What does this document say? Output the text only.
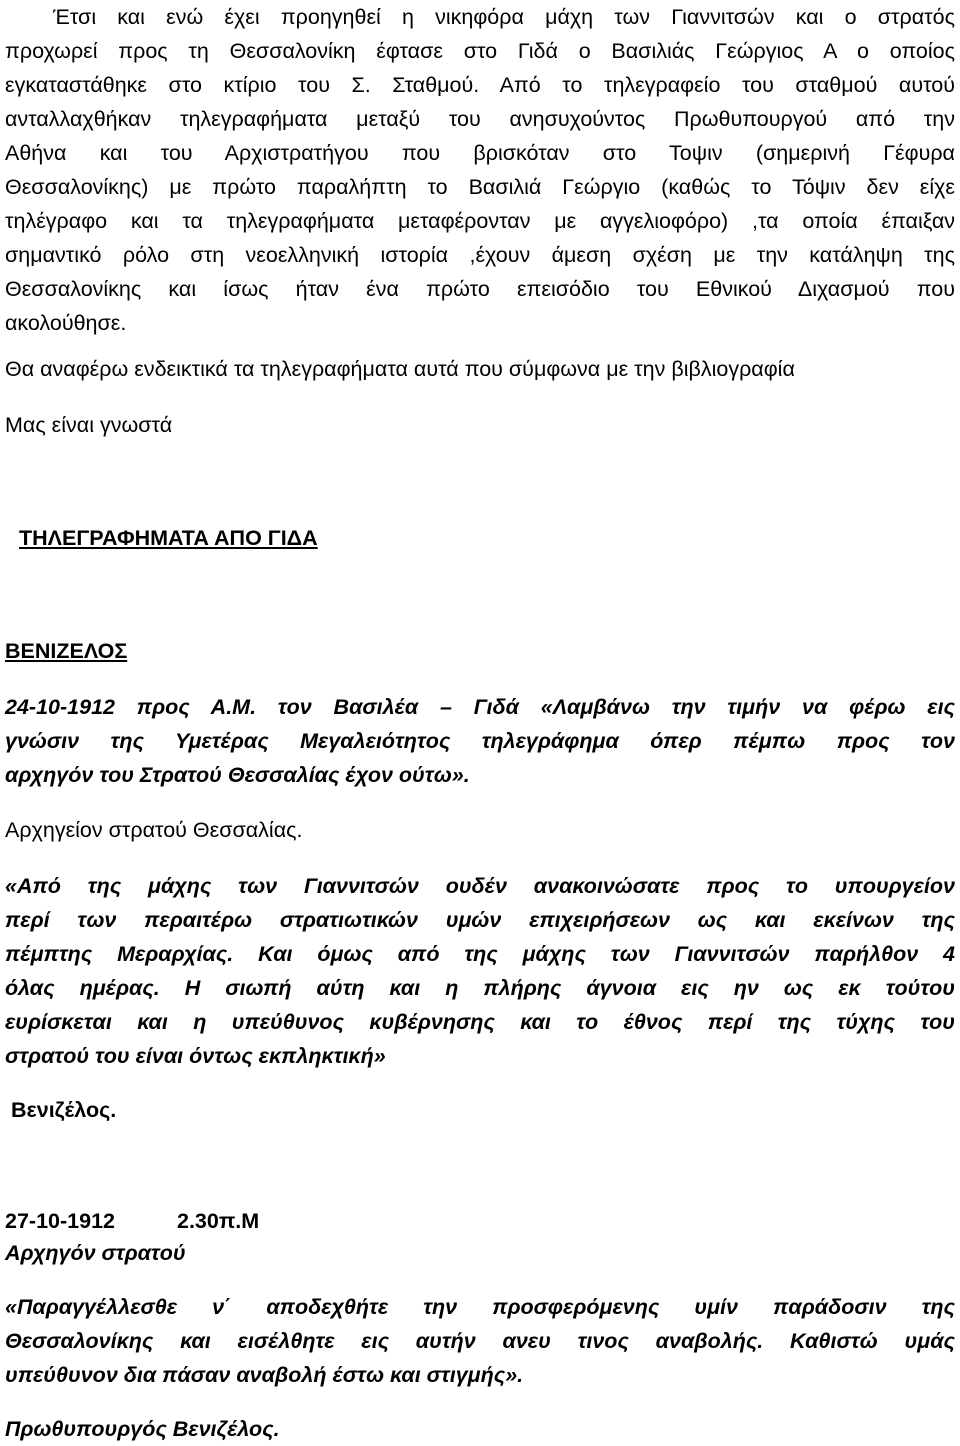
Έτσι και ενώ έχει προηγηθεί η νικηφόρα μάχη των Γιαννιτσών και ο στρατός
προχωρεί προς τη Θεσσαλονίκη έφτασε στο Γιδά ο Βασιλιάς Γεώργιος Α ο οποίος
εγκαταστάθηκε στο κτίριο του Σ. Σταθμού. Από το τηλεγραφείο του σταθμού αυτού
ανταλλαχθήκαν τηλεγραφήματα μεταξύ του ανησυχούντος Πρωθυπουργού από την
Αθήνα και του Αρχιστρατήγου που βρισκόταν στο Τοψιν (σημερινή Γέφυρα
Θεσσαλονίκης) με πρώτο παραλήπτη το Βασιλιά Γεώργιο (καθώς το Τόψιν δεν είχε
τηλέγραφο και τα τηλεγραφήματα μεταφέρονταν με αγγελιοφόρο) ,τα οποία έπαιξαν
σημαντικό ρόλο στη νεοελληνική ιστορία ,έχουν άμεση σχέση με την κατάληψη της
Θεσσαλονίκης και ίσως ήταν ένα πρώτο επεισόδιο του Εθνικού Διχασμού που
ακολούθησε.
Θα αναφέρω ενδεικτικά τα τηλεγραφήματα αυτά που σύμφωνα με την βιβλιογραφία
Μας είναι γνωστά
ΤΗΛΕΓΡΑΦΗΜΑΤΑ ΑΠΟ ΓΙΔΑ
ΒΕΝΙΖΕΛΟΣ
24-10-1912 προς Α.Μ. τον Βασιλέα – Γιδά «Λαμβάνω την τιμήν να φέρω εις
γνώσιν της Υμετέρας Μεγαλειότητος τηλεγράφημα όπερ πέμπω προς τον
αρχηγόν του Στρατού Θεσσαλίας έχον ούτω».
Αρχηγείον στρατού Θεσσαλίας.
«Από της μάχης των Γιαννιτσών ουδέν ανακοινώσατε προς το υπουργείον
περί των περαιτέρω στρατιωτικών υμών επιχειρήσεων ως και εκείνων της
πέμπτης Μεραρχίας. Και όμως από της μάχης των Γιαννιτσών παρήλθον 4
όλας ημέρας. Η σιωπή αύτη και η πλήρης άγνοια εις ην ως εκ τούτου
ευρίσκεται και η υπεύθυνος κυβέρνησης και το έθνος περί της τύχης του
στρατού του είναι όντως εκπληκτική»
Βενιζέλος.
27-10-1912	2.30π.Μ
Αρχηγόν στρατού
«Παραγγέλλεσθε ν΄ αποδεχθήτε την προσφερόμενης υμίν παράδοσιν της
Θεσσαλονίκης και εισέλθητε εις αυτήν ανευ τινος αναβολής. Καθιστώ υμάς
υπεύθυνον δια πάσαν αναβολή έστω και στιγμής».
Πρωθυπουργός Βενιζέλος.
